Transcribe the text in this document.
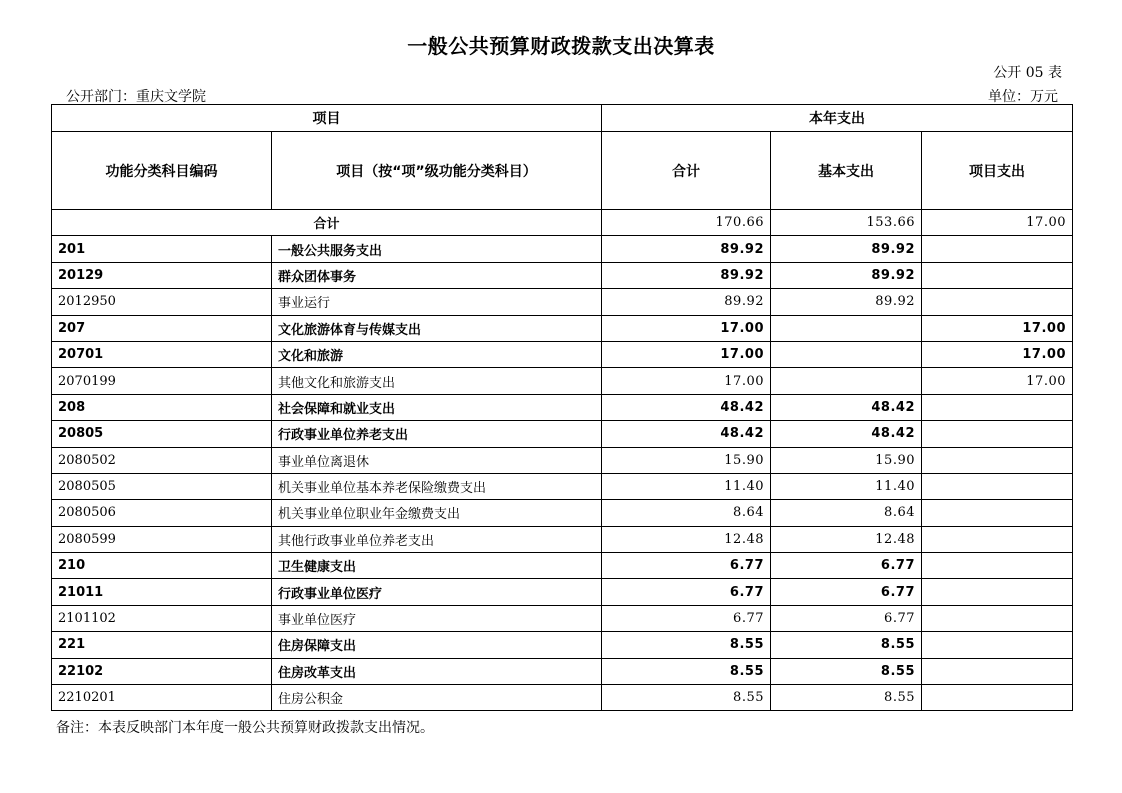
一般公共预算财政拨款支出决算表
公开 05 表
公开部门：重庆文学院	单位：万元
项目		本年支出		
功能分类科目编码	项目（按“项”级功能分类科目）	合计	基本支出	项目支出
合计		170.66	153.66	17.00
201	一般公共服务支出	89.92	89.92	
20129	群众团体事务	89.92	89.92	
2012950	事业运行	89.92	89.92	
207	文化旅游体育与传媒支出	17.00		17.00
20701	文化和旅游	17.00		17.00
2070199	其他文化和旅游支出	17.00		17.00
208	社会保障和就业支出	48.42	48.42	
20805	行政事业单位养老支出	48.42	48.42	
2080502	事业单位离退休	15.90	15.90	
2080505	机关事业单位基本养老保险缴费支出	11.40	11.40	
2080506	机关事业单位职业年金缴费支出	8.64	8.64	
2080599	其他行政事业单位养老支出	12.48	12.48	
210	卫生健康支出	6.77	6.77	
21011	行政事业单位医疗	6.77	6.77	
2101102	事业单位医疗	6.77	6.77	
221	住房保障支出	8.55	8.55	
22102	住房改革支出	8.55	8.55	
2210201	住房公积金	8.55	8.55	
备注：本表反映部门本年度一般公共预算财政拨款支出情况。
